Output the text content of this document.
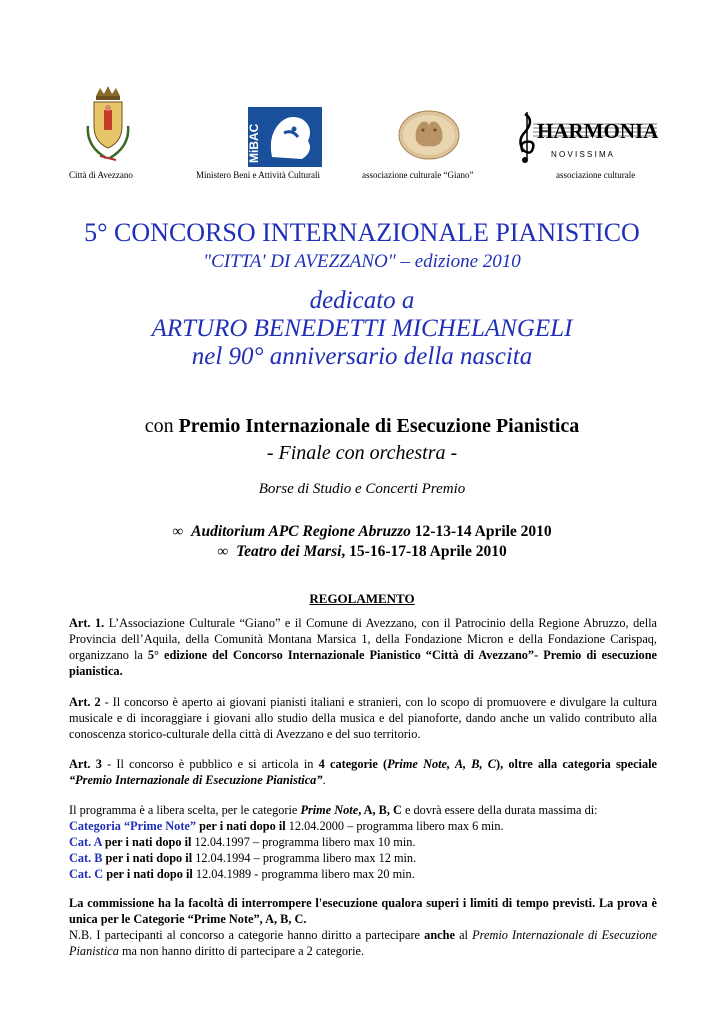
Città di Avezzano
MiBAC
Ministero Beni e Attività Culturali	associazione culturale “Giano”
HARMONIA
N O V I S S I M A
associazione culturale
5° CONCORSO INTERNAZIONALE PIANISTICO
"CITTA' DI AVEZZANO" – edizione 2010
dedicato a
ARTURO BENEDETTI MICHELANGELI
nel 90° anniversario della nascita
con Premio Internazionale di Esecuzione Pianistica
- Finale con orchestra -
Borse di Studio e Concerti Premio
∞ Auditorium APC Regione Abruzzo 12-13-14 Aprile 2010
∞ Teatro dei Marsi, 15-16-17-18 Aprile 2010
REGOLAMENTO

Art. 1. L’Associazione Culturale “Giano” e il Comune di Avezzano, con il Patrocinio della Regione Abruzzo, della Provincia dell’Aquila, della Comunità Montana Marsica 1, della Fondazione Micron e della Fondazione Carispaq, organizzano la 5° edizione del Concorso Internazionale Pianistico “Città di Avezzano”- Premio di esecuzione pianistica.

Art. 2 - Il concorso è aperto ai giovani pianisti italiani e stranieri, con lo scopo di promuovere e divulgare la cultura musicale e di incoraggiare i giovani allo studio della musica e del pianoforte, dando anche un valido contributo alla conoscenza storico-culturale della città di Avezzano e del suo territorio.

Art. 3 - Il concorso è pubblico e si articola in 4 categorie (Prime Note, A, B, C), oltre alla categoria speciale “Premio Internazionale di Esecuzione Pianistica”.

Il programma è a libera scelta, per le categorie Prime Note, A, B, C e dovrà essere della durata massima di:

Categoria “Prime Note” per i nati dopo il 12.04.2000 – programma libero max 6 min.

Cat. A per i nati dopo il 12.04.1997 – programma libero max 10 min.

Cat. B per i nati dopo il 12.04.1994 – programma libero max 12 min.

Cat. C per i nati dopo il 12.04.1989 - programma libero max 20 min.

La commissione ha la facoltà di interrompere l'esecuzione qualora superi i limiti di tempo previsti. La prova è unica per le Categorie “Prime Note”, A, B, C.

N.B. I partecipanti al concorso a categorie hanno diritto a partecipare anche al Premio Internazionale di Esecuzione Pianistica ma non hanno diritto di partecipare a 2 categorie.
